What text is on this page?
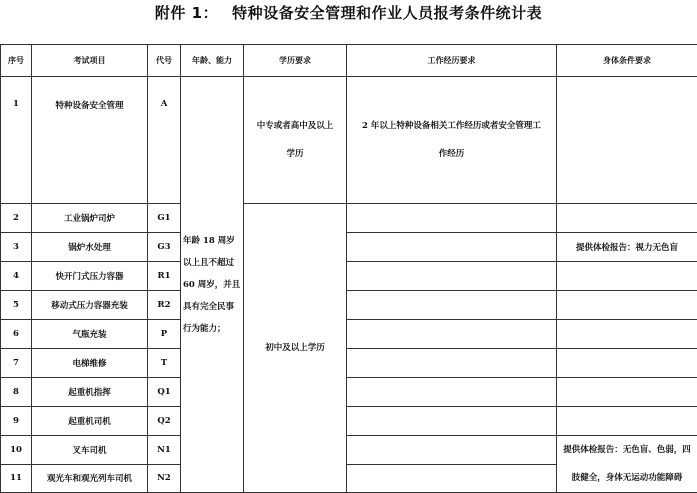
附件 1： 特种设备安全管理和作业人员报考条件统计表
序号	考试项目	代号	年龄、能力	学历要求	工作经历要求	身体条件要求
1	特种设备安全管理	A	年龄 18 周岁
以上且不超过
60 周岁，并且
具有完全民事
行为能力；	中专或者高中及以上
学历	2 年以上特种设备相关工作经历或者安全管理工
作经历	

2	工业锅炉司炉	G1		初中及以上学历		
3	锅炉水处理	G3				提供体检报告：视力无色盲
4	快开门式压力容器	R1				
5	移动式压力容器充装	R2				
6	气瓶充装	P				
7	电梯维修	T				
8	起重机指挥	Q1				
9	起重机司机	Q2				
10	叉车司机	N1				提供体检报告：无色盲、色弱，四
肢健全，身体无运动功能障碍

11	观光车和观光列车司机	N2				
